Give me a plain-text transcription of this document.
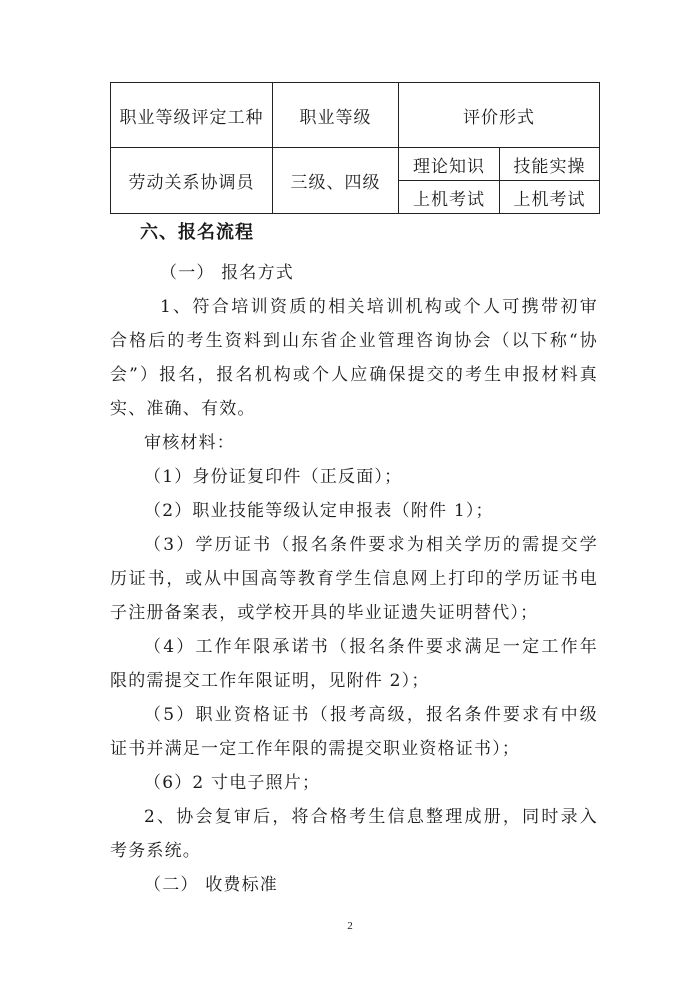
职业等级评定工种	职业等级	评价形式	
劳动关系协调员	三级、四级	理论知识	技能实操
		上机考试	上机考试
六、报名流程
（一） 报名方式
1、符合培训资质的相关培训机构或个人可携带初审
合格后的考生资料到山东省企业管理咨询协会（以下称“协
会”）报名，报名机构或个人应确保提交的考生申报材料真
实、准确、有效。
审核材料：
（1）身份证复印件（正反面）；
（2）职业技能等级认定申报表（附件 1）；
（3）学历证书（报名条件要求为相关学历的需提交学
历证书，或从中国高等教育学生信息网上打印的学历证书电
子注册备案表，或学校开具的毕业证遗失证明替代）；
（4）工作年限承诺书（报名条件要求满足一定工作年
限的需提交工作年限证明，见附件 2）；
（5）职业资格证书（报考高级，报名条件要求有中级
证书并满足一定工作年限的需提交职业资格证书）；
（6）2 寸电子照片；
2、协会复审后，将合格考生信息整理成册，同时录入
考务系统。
（二） 收费标准
2
